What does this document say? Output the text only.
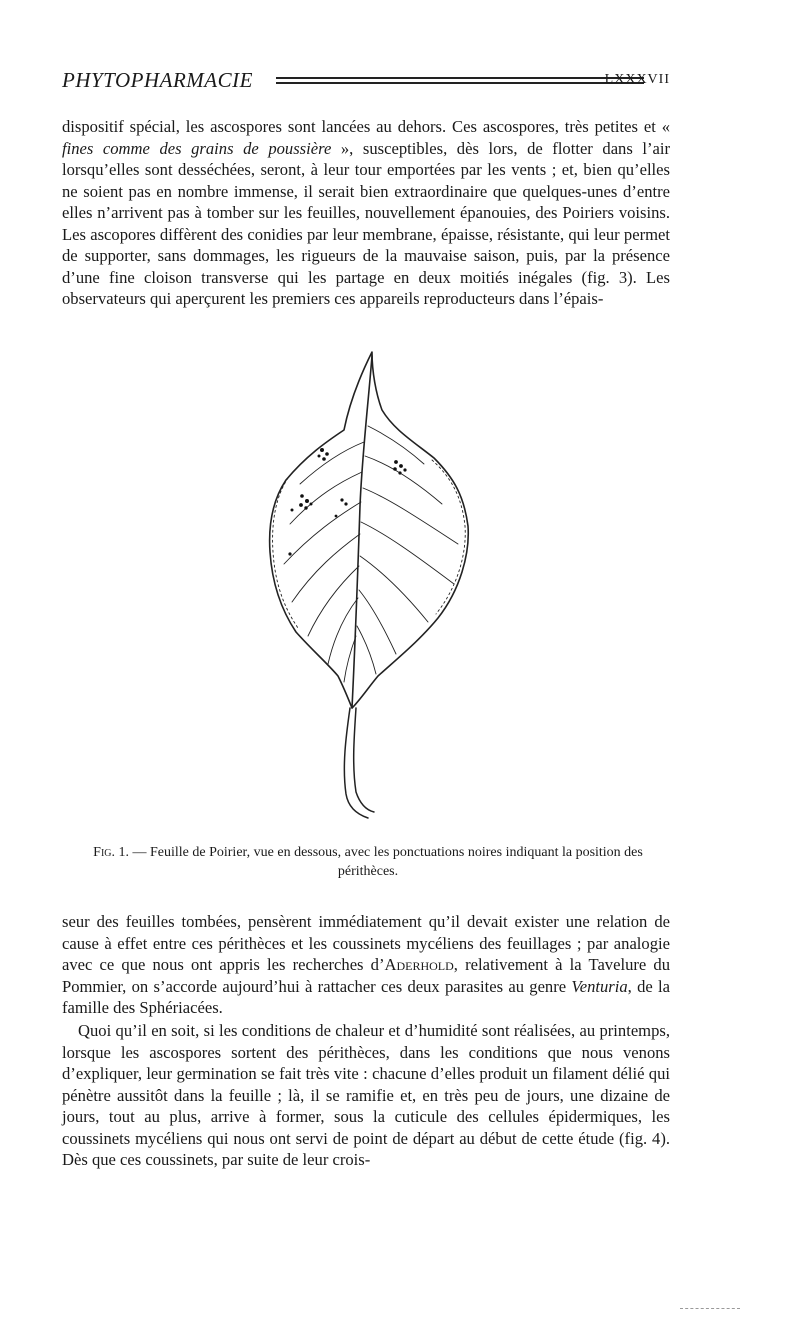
PHYTOPHARMACIE	LXXXVII

dispositif spécial, les ascospores sont lancées au dehors. Ces ascospores, très petites et « fines comme des grains de poussière », susceptibles, dès lors, de flotter dans l’air lorsqu’elles sont desséchées, seront, à leur tour emportées par les vents ; et, bien qu’elles ne soient pas en nombre immense, il serait bien extraordinaire que quelques-unes d’entre elles n’arrivent pas à tomber sur les feuilles, nouvellement épanouies, des Poiriers voisins. Les ascopores diffèrent des conidies par leur membrane, épaisse, résistante, qui leur permet de supporter, sans dommages, les rigueurs de la mauvaise saison, puis, par la présence d’une fine cloison transverse qui les partage en deux moitiés inégales (fig. 3). Les observateurs qui aperçurent les premiers ces appareils reproducteurs dans l’épais-

Fig. 1. — Feuille de Poirier, vue en dessous, avec les ponctuations noires indiquant la position des périthèces.

seur des feuilles tombées, pensèrent immédiatement qu’il devait exister une relation de cause à effet entre ces périthèces et les coussinets mycéliens des feuillages ; par analogie avec ce que nous ont appris les recherches d’Aderhold, relativement à la Tavelure du Pommier, on s’accorde aujourd’hui à rattacher ces deux parasites au genre Venturia, de la famille des Sphériacées.

Quoi qu’il en soit, si les conditions de chaleur et d’humidité sont réalisées, au printemps, lorsque les ascospores sortent des périthèces, dans les conditions que nous venons d’expliquer, leur germination se fait très vite : chacune d’elles produit un filament délié qui pénètre aussitôt dans la feuille ; là, il se ramifie et, en très peu de jours, une dizaine de jours, tout au plus, arrive à former, sous la cuticule des cellules épidermiques, les coussinets mycéliens qui nous ont servi de point de départ au début de cette étude (fig. 4). Dès que ces coussinets, par suite de leur crois-
